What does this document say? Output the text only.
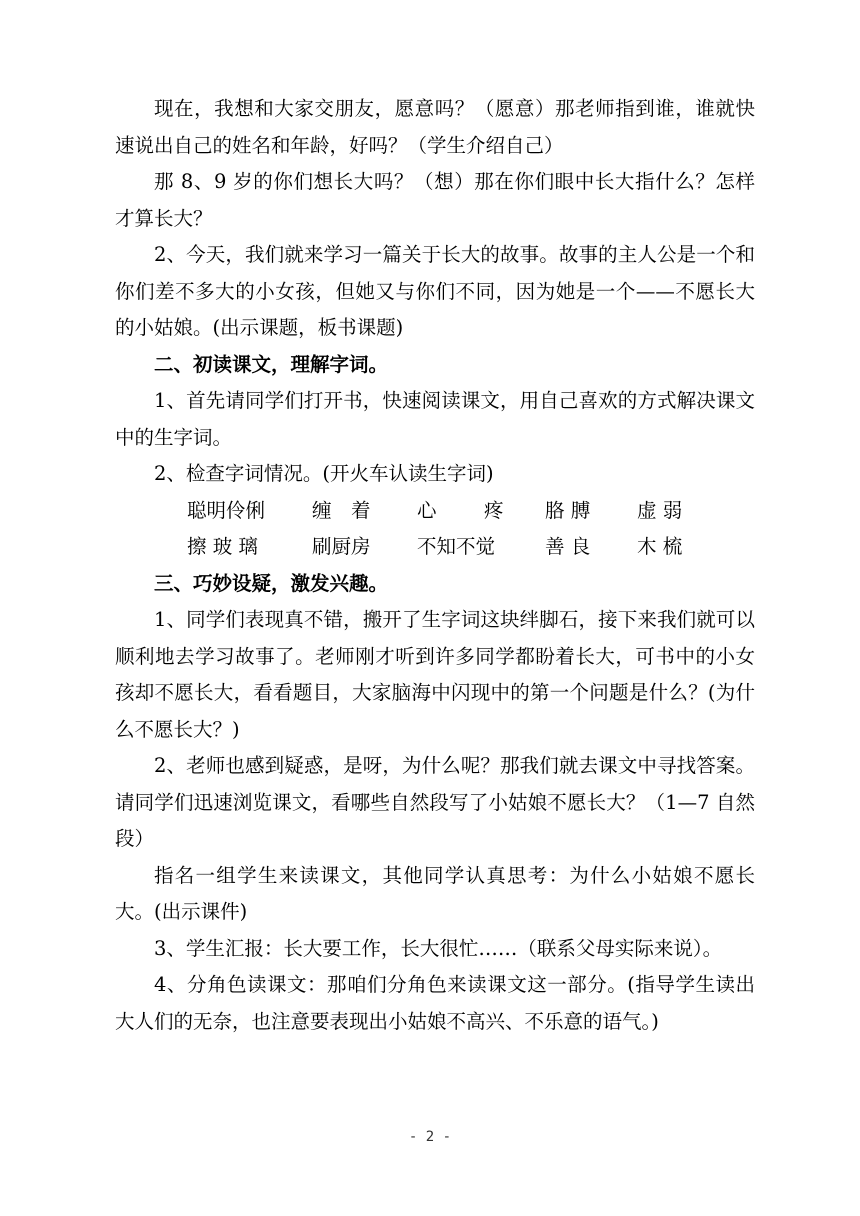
现在，我想和大家交朋友，愿意吗？（愿意）那老师指到谁，谁就快速说出自己的姓名和年龄，好吗？（学生介绍自己）

那 8、9 岁的你们想长大吗？（想）那在你们眼中长大指什么？怎样才算长大？

2、今天，我们就来学习一篇关于长大的故事。故事的主人公是一个和你们差不多大的小女孩，但她又与你们不同，因为她是一个——不愿长大的小姑娘。(出示课题，板书课题)

二、初读课文，理解字词。

1、首先请同学们打开书，快速阅读课文，用自己喜欢的方式解决课文中的生字词。

2、检查字词情况。(开火车认读生字词)

聪明伶俐 缠　着 心 疼 胳 膊 虚 弱
擦 玻 璃	刷厨房 不知不觉	善 良 木 梳

三、巧妙设疑，激发兴趣。

1、同学们表现真不错，搬开了生字词这块绊脚石，接下来我们就可以顺利地去学习故事了。老师刚才听到许多同学都盼着长大，可书中的小女孩却不愿长大，看看题目，大家脑海中闪现中的第一个问题是什么？(为什么不愿长大？)

2、老师也感到疑惑，是呀，为什么呢？那我们就去课文中寻找答案。请同学们迅速浏览课文，看哪些自然段写了小姑娘不愿长大？（1—7 自然段）

指名一组学生来读课文，其他同学认真思考：为什么小姑娘不愿长大。(出示课件)

3、学生汇报：长大要工作，长大很忙……（联系父母实际来说）。

4、分角色读课文：那咱们分角色来读课文这一部分。(指导学生读出大人们的无奈，也注意要表现出小姑娘不高兴、不乐意的语气。)

- 2 -
